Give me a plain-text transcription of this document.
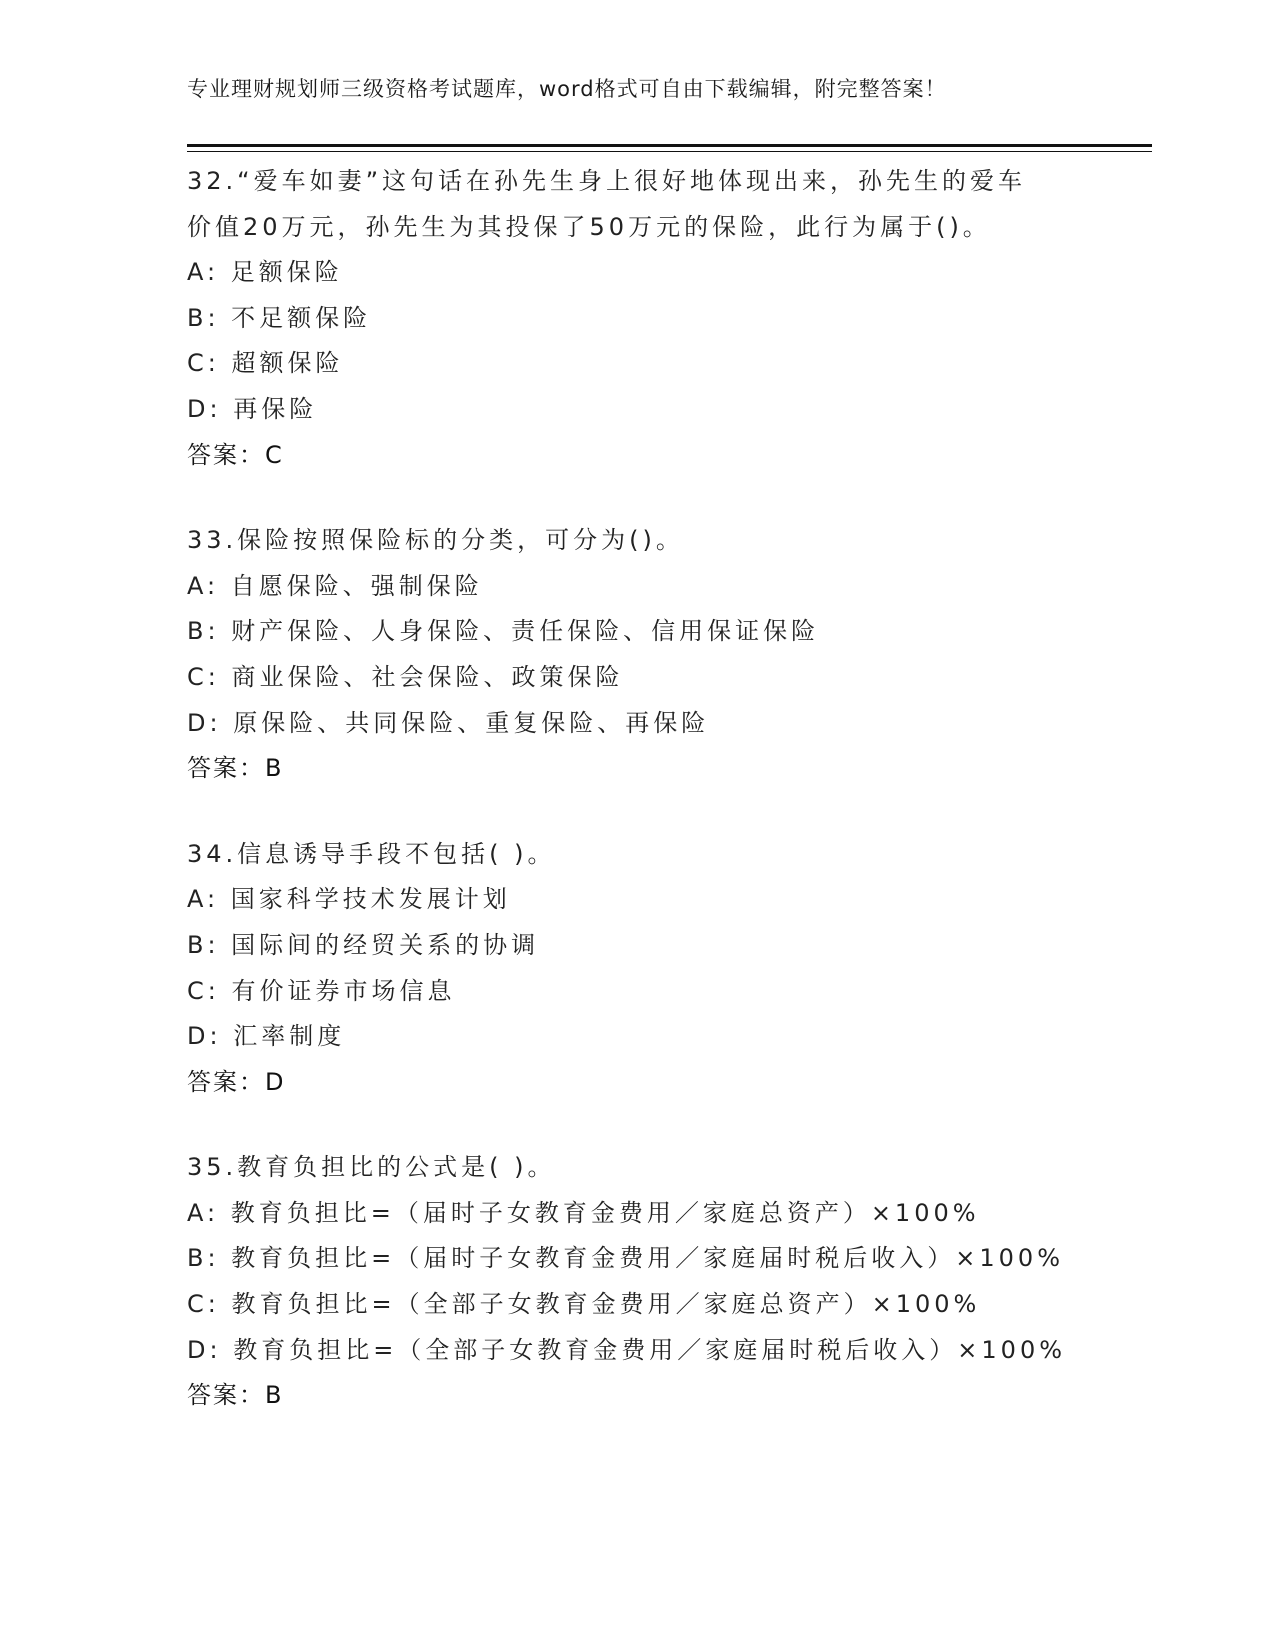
专业理财规划师三级资格考试题库，word格式可自由下载编辑，附完整答案！
32.“爱车如妻”这句话在孙先生身上很好地体现出来，孙先生的爱车
价值20万元，孙先生为其投保了50万元的保险，此行为属于()。
A: 足额保险
B: 不足额保险
C: 超额保险
D: 再保险
答案：C
33.保险按照保险标的分类，可分为()。
A: 自愿保险、强制保险
B: 财产保险、人身保险、责任保险、信用保证保险
C: 商业保险、社会保险、政策保险
D: 原保险、共同保险、重复保险、再保险
答案：B
34.信息诱导手段不包括( )。
A: 国家科学技术发展计划
B: 国际间的经贸关系的协调
C: 有价证券市场信息
D: 汇率制度
答案：D
35.教育负担比的公式是( )。
A: 教育负担比=（届时子女教育金费用／家庭总资产）×100%
B: 教育负担比=（届时子女教育金费用／家庭届时税后收入）×100%
C: 教育负担比=（全部子女教育金费用／家庭总资产）×100%
D: 教育负担比=（全部子女教育金费用／家庭届时税后收入）×100%
答案：B
